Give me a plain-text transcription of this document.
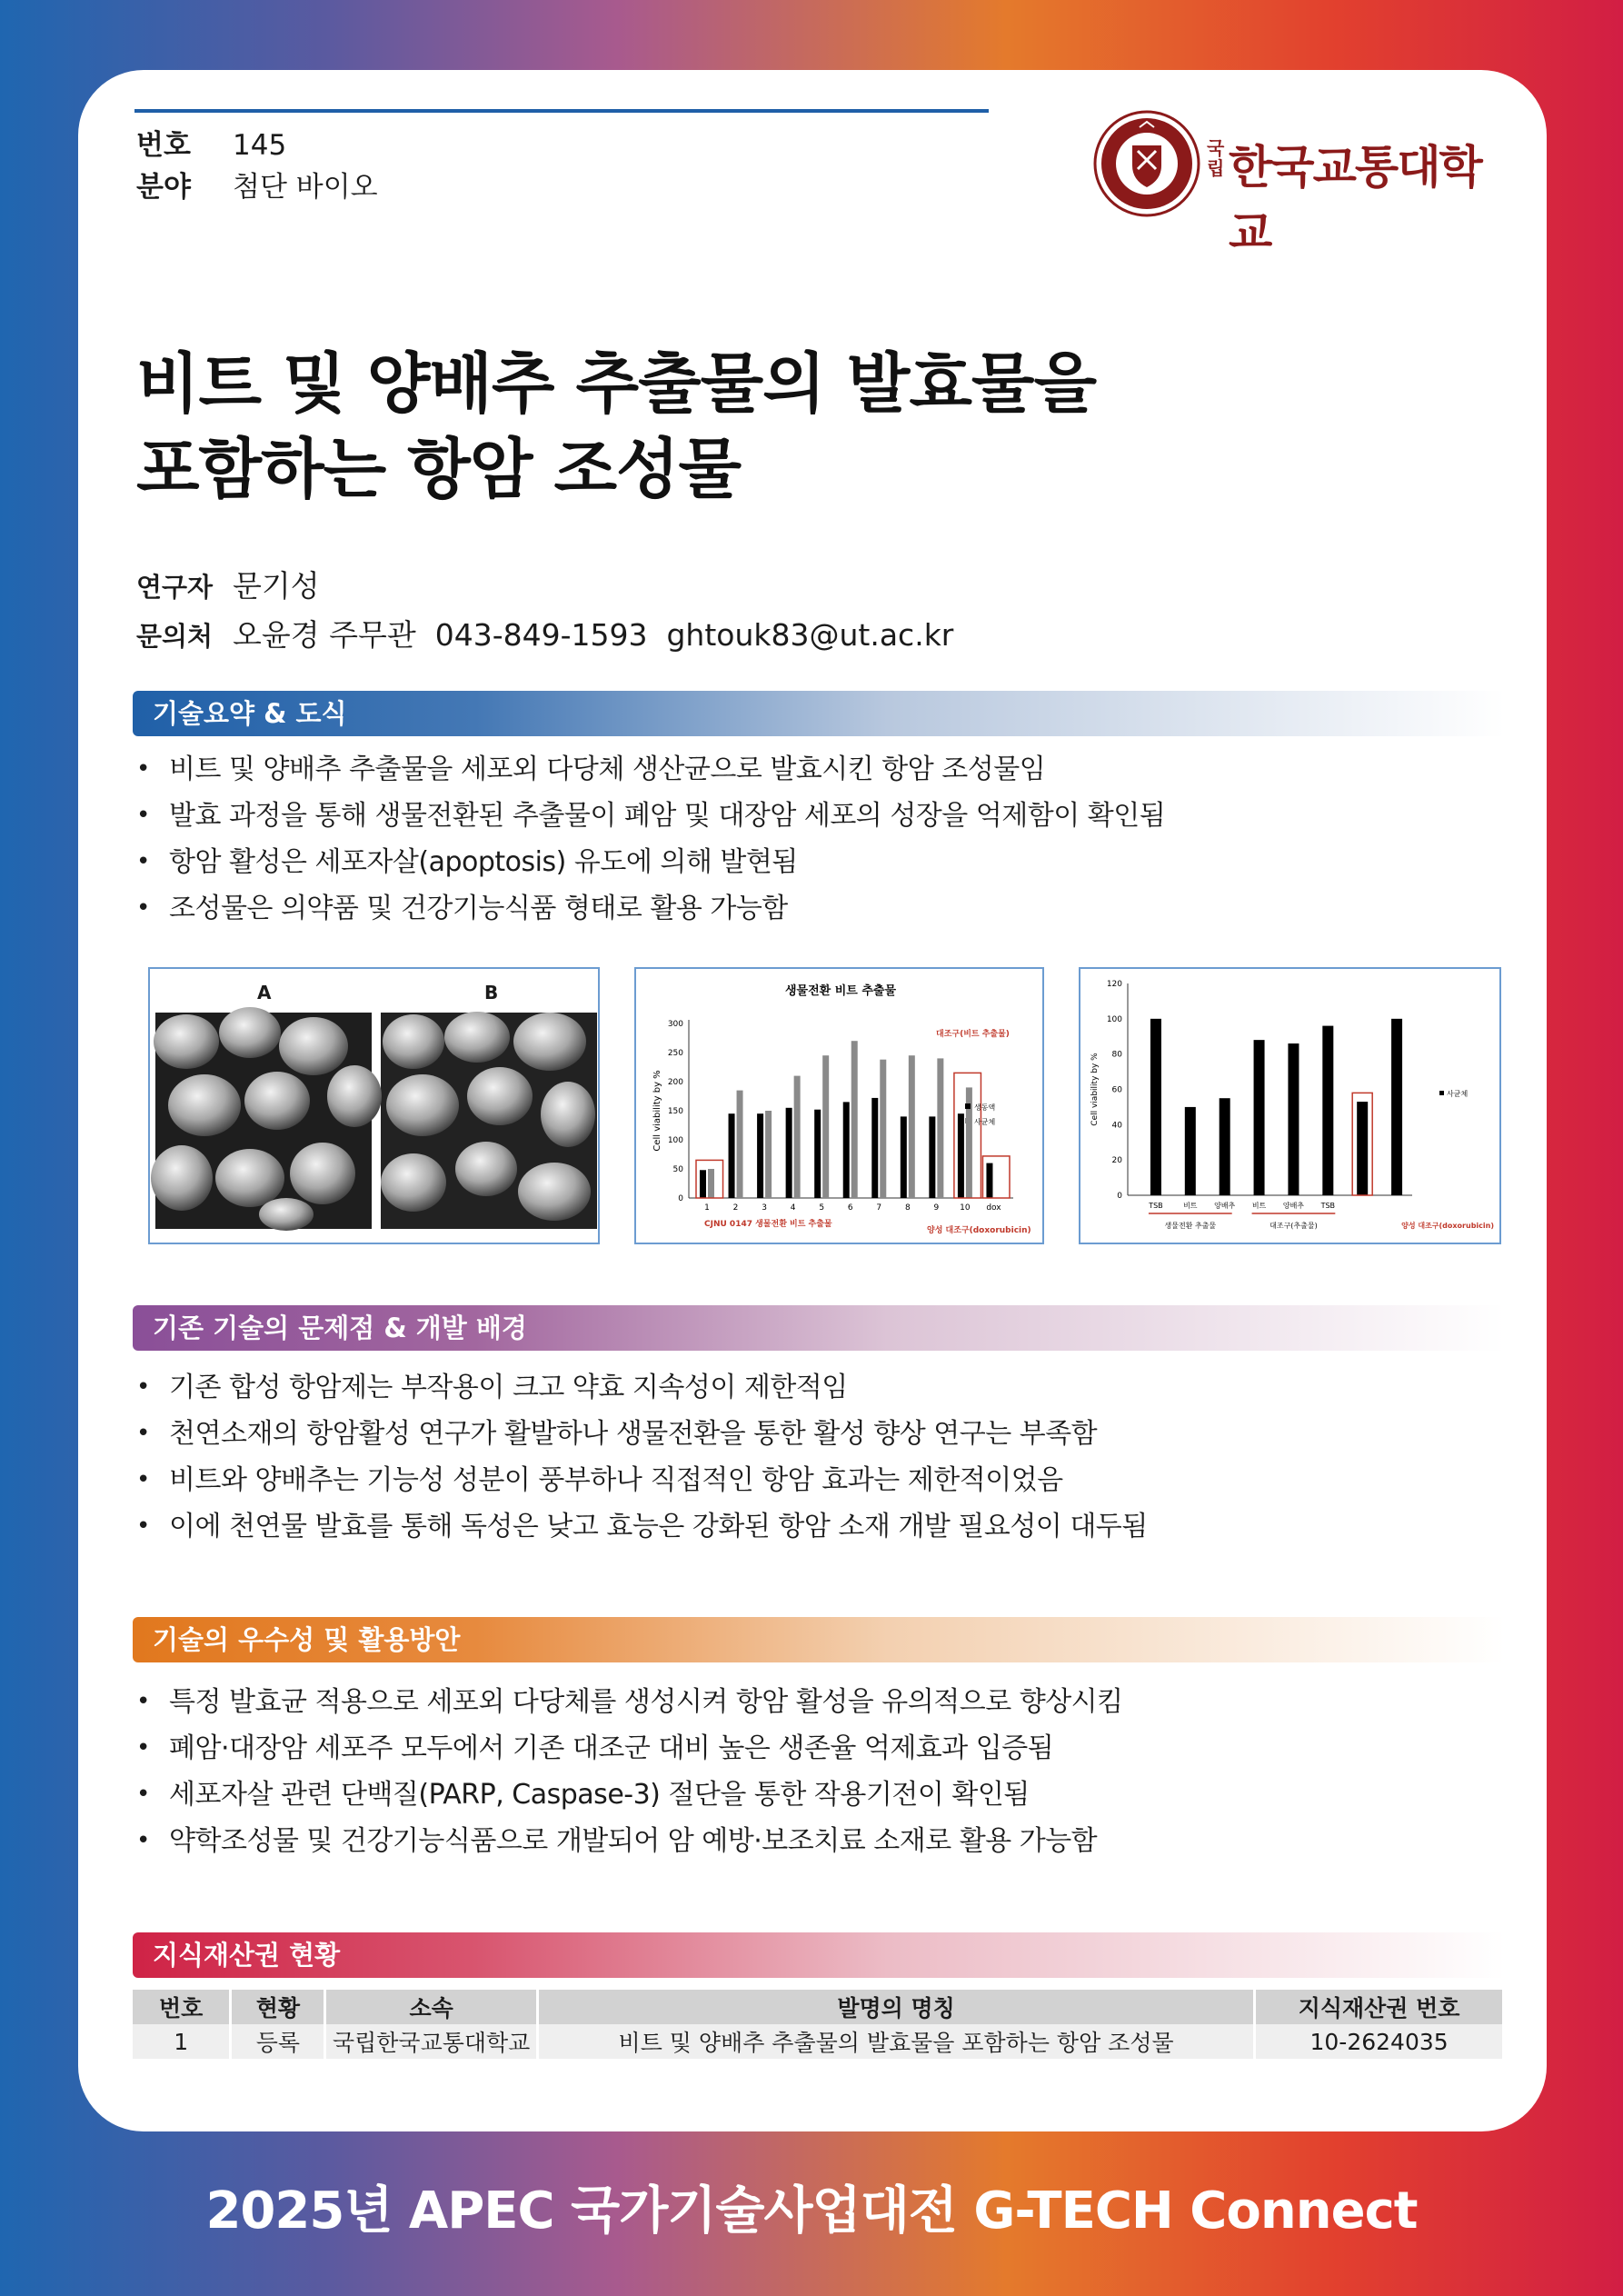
번호 145
분야 첨단 바이오
국립 한국교통대학교
비트 및 양배추 추출물의 발효물을
포함하는 항암 조성물
연구자 문기성
문의처 오윤경 주무관  043-849-1593  ghtouk83@ut.ac.kr
기술요약 & 도식
• 비트 및 양배추 추출물을 세포외 다당체 생산균으로 발효시킨 항암 조성물임
• 발효 과정을 통해 생물전환된 추출물이 폐암 및 대장암 세포의 성장을 억제함이 확인됨
• 항암 활성은 세포자살(apoptosis) 유도에 의해 발현됨
• 조성물은 의약품 및 건강기능식품 형태로 활용 가능함
A	B	생물전환 비트 추출물
0
50
100
150
200
250
300
Cell viability by %
1	2	3	4	5	6	7	8	9	10 dox
대조구(비트 추출물)
양성 대조구(doxorubicin)
CJNU 0147 생물전환 비트 추출물
생동액
사균체
0
20
40
60
80
100
120
Cell viability by %
TSB	비트 양배추 비트 양배추 TSB
생물전환 추출물	대조구(추출물)	양성 대조구(doxorubicin)
사균체
기존 기술의 문제점 & 개발 배경
• 기존 합성 항암제는 부작용이 크고 약효 지속성이 제한적임
• 천연소재의 항암활성 연구가 활발하나 생물전환을 통한 활성 향상 연구는 부족함
• 비트와 양배추는 기능성 성분이 풍부하나 직접적인 항암 효과는 제한적이었음
• 이에 천연물 발효를 통해 독성은 낮고 효능은 강화된 항암 소재 개발 필요성이 대두됨
기술의 우수성 및 활용방안
• 특정 발효균 적용으로 세포외 다당체를 생성시켜 항암 활성을 유의적으로 향상시킴
• 폐암·대장암 세포주 모두에서 기존 대조군 대비 높은 생존율 억제효과 입증됨
• 세포자살 관련 단백질(PARP, Caspase-3) 절단을 통한 작용기전이 확인됨
• 약학조성물 및 건강기능식품으로 개발되어 암 예방·보조치료 소재로 활용 가능함
지식재산권 현황
번호	현황	소속	발명의 명칭	지식재산권 번호
1	등록	국립한국교통대학교	비트 및 양배추 추출물의 발효물을 포함하는 항암 조성물	10-2624035
2025년 APEC 국가기술사업대전 G-TECH Connect
